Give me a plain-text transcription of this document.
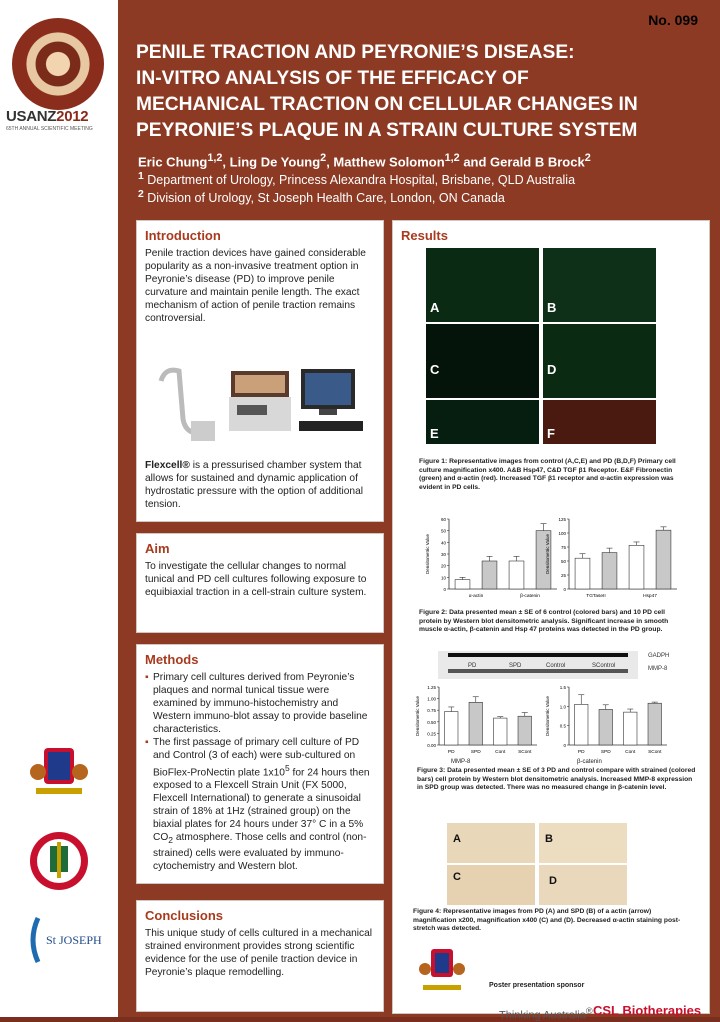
USANZ2012
65TH ANNUAL SCIENTIFIC MEETING
St JOSEPH
No. 099
PENILE TRACTION AND PEYRONIE’S DISEASE:
IN-VITRO ANALYSIS OF THE EFFICACY OF
MECHANICAL TRACTION ON CELLULAR CHANGES IN
PEYRONIE’S PLAQUE IN A STRAIN CULTURE SYSTEM
Eric Chung$^{1,2}$, Ling De Young$^2$, Matthew Solomon$^{1,2}$ and Gerald B Brock$^2$
$^1$ Department of Urology, Princess Alexandra Hospital, Brisbane, QLD Australia
$^2$ Division of Urology, St Joseph Health Care, London, ON Canada
Introduction
Penile traction devices have gained considerable popularity as a non-invasive treatment option in Peyronie’s disease (PD) to improve penile curvature and maintain penile length. The exact mechanism of action of penile traction remains controversial.
Flexcell® is a pressurised chamber system that allows for sustained and dynamic application of hydrostatic pressure with the option of additional tension.
Aim
To investigate the cellular changes to normal tunical and PD cell cultures following exposure to equibiaxial traction in a cell-strain culture system.
Methods
▪ Primary cell cultures derived from Peyronie’s plaques and normal tunical tissue were examined by immuno-histochemistry and Western immuno-blot assay to provide baseline characteristics.
▪ The first passage of primary cell culture of PD and Control (3 of each) were sub-cultured on BioFlex-ProNectin plate $1x10^5$ for 24 hours then exposed to a Flexcell Strain Unit (FX 5000, Flexcell International) to generate a sinusoidal strain of 18% at 1Hz (strained group) on the biaxial plates for 24 hours under 37° C in a 5% $CO_2$ atmosphere. Those cells and control (non-strained) cells were evaluated by immuno-cytochemistry and Western blot.
Conclusions
This unique study of cells cultured in a mechanical strained environment provides strong scientific evidence for the use of penile traction device in Peyronie’s plaque remodelling.
Results
A	B
C	D
E	F
Figure 1: Representative images from control (A,C,E) and PD (B,D,F) Primary cell culture magnification x400. A&B Hsp47, C&D TGF β1 Receptor. E&F Fibronectin (green) and α-actin (red). Increased TGF β1 receptor and α-actin expression was evident in PD cells.
0
10
20
30
40
50
60
Densitometric Value
α-actin	β-catenin
0
25
50
75
100
125
Densitometric Value
TGTaseII	Hsp47
Figure 2: Data presented mean ± SE of 6 control (colored bars) and 10 PD cell protein by Western blot densitometric analysis. Significant increase in smooth muscle α-actin, β-catenin and Hsp 47 proteins was detected in the PD group.
PD	SPD	Control	SControl
GADPH
MMP-8
0.00
0.25
0.50
0.75
1.00
1.25
Densitometric Value
PD	SPD	Cont	SCont
0
0.5
1.0
1.5
Densitometric Value
PD	SPD	Cont	SCont
MMP-8	β-catenin
Figure 3: Data presented mean ± SE of 3 PD and control compare with strained (colored bars) cell protein by Western blot densitometric analysis. Increased MMP-8 expression in SPD group was detected. There was no measured change in β-catenin level.
A	B
C	D
Figure 4: Representative images from PD (A) and SPD (B) of a actin (arrow) magnification x200, magnification x400 (C) and (D). Decreased α-actin staining post-stretch was detected.
Poster presentation sponsor
Thinking Australia® CSL Biotherapies
